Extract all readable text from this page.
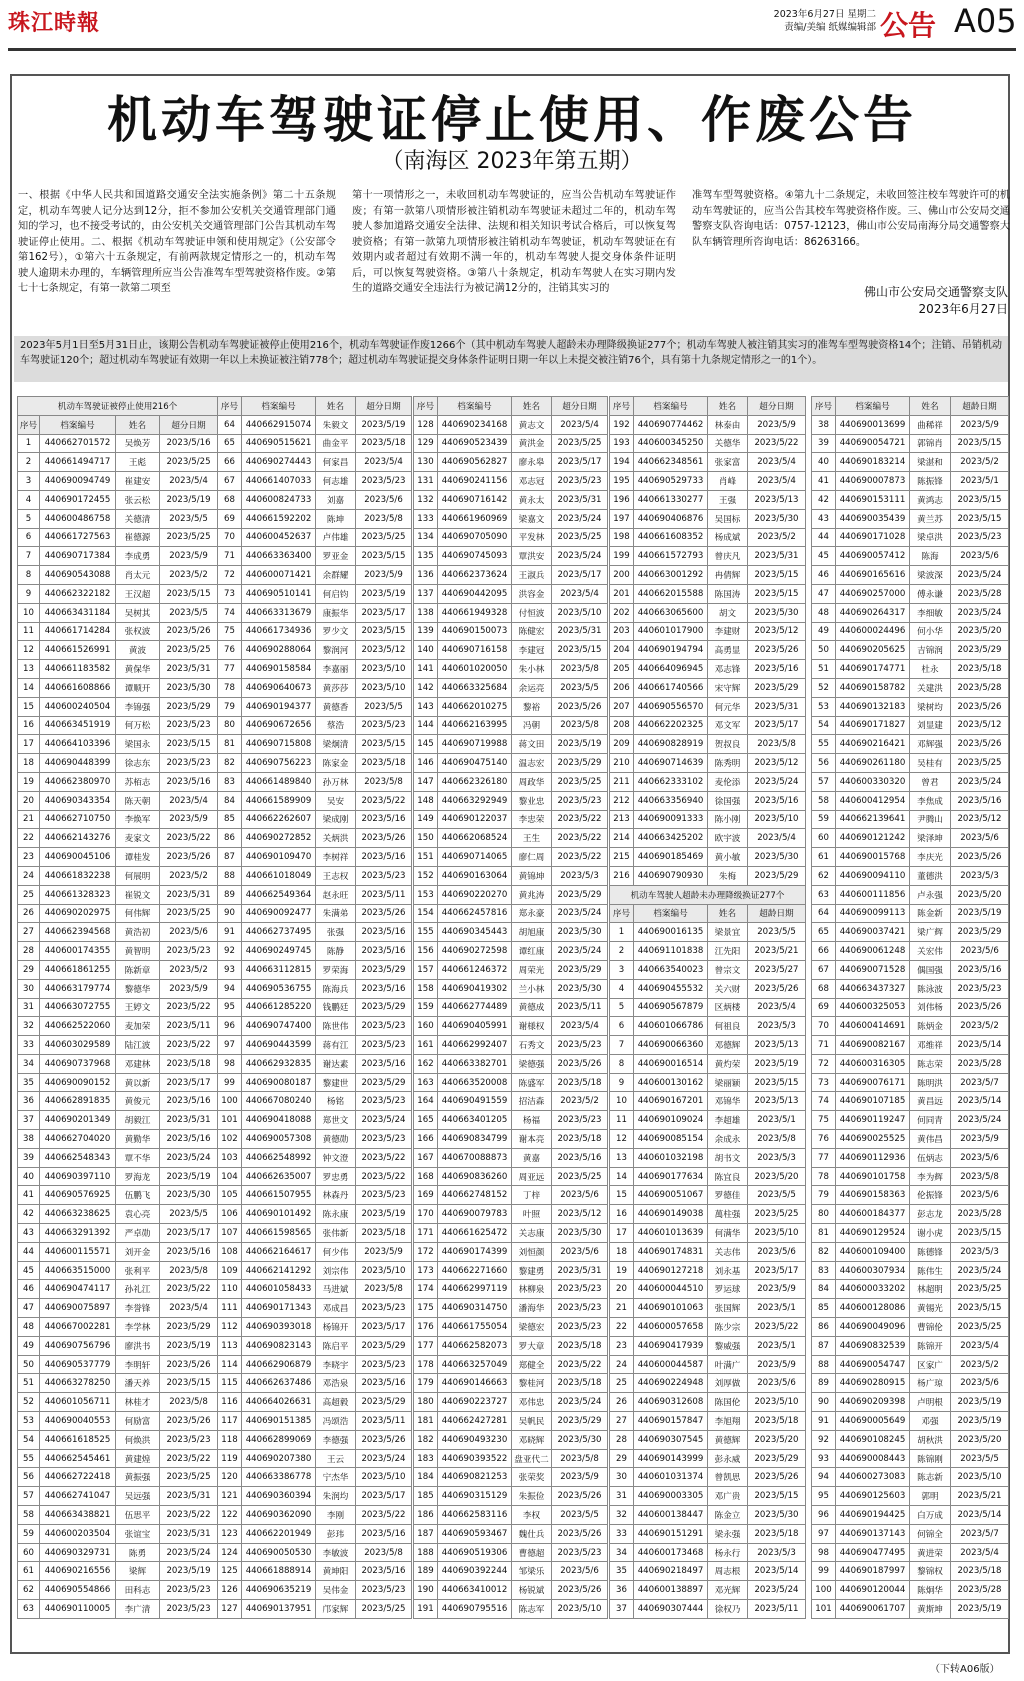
珠江時報	2023年6月27日 星期二
责编/美编 纸媒编辑部 公告 A05
机动车驾驶证停止使用、作废公告
（南海区 2023年第五期）
一、根据《中华人民共和国道路交通安全法实施条例》第二十五条规定，机动车驾驶人记分达到12分，拒不参加公安机关交通管理部门通知的学习，也不接受考试的，由公安机关交通管理部门公告其机动车驾驶证停止使用。二、根据《机动车驾驶证申领和使用规定》（公安部令第162号），①第六十五条规定，有前两款规定情形之一的，机动车驾驶人逾期未办理的，车辆管理所应当公告准驾车型驾驶资格作废。②第七十七条规定，有第一款第二项至
第十一项情形之一，未收回机动车驾驶证的，应当公告机动车驾驶证作废；有第一款第八项情形被注销机动车驾驶证未超过二年的，机动车驾驶人参加道路交通安全法律、法规和相关知识考试合格后，可以恢复驾驶资格；有第一款第九项情形被注销机动车驾驶证，机动车驾驶证在有效期内或者超过有效期不满一年的，机动车驾驶人提交身体条件证明后，可以恢复驾驶资格。③第八十条规定，机动车驾驶人在实习期内发生的道路交通安全违法行为被记满12分的，注销其实习的
准驾车型驾驶资格。④第九十二条规定，未收回签注校车驾驶许可的机动车驾驶证的，应当公告其校车驾驶资格作废。三、佛山市公安局交通警察支队咨询电话：0757-12123，佛山市公安局南海分局交通警察大队车辆管理所咨询电话：86263166。
佛山市公安局交通警察支队
2023年6月27日
2023年5月1日至5月31日止，该期公告机动车驾驶证被停止使用216个，机动车驾驶证作废1266个（其中机动车驾驶人超龄未办理降级换证277个；机动车驾驶人被注销其实习的准驾车型驾驶资格14个；注销、吊销机动车驾驶证120个；超过机动车驾驶证有效期一年以上未换证被注销778个；超过机动车驾驶证提交身体条件证明日期一年以上未提交被注销76个，具有第十九条规定情形之一的1个）。
机动车驾驶证被停止使用216个			
序号	档案编号	姓名	超分日期
1	440662701572	吴焕芳	2023/5/16
2	440661494717	王彪	2023/5/25
3	440690094749	崔建安	2023/5/4
4	440690172455	张云松	2023/5/19
5	440600486758	关德清	2023/5/5
6	440661727563	崔德源	2023/5/25
7	440690717384	李成勇	2023/5/9
8	440690543088	肖太元	2023/5/2
9	440662322182	王汉超	2023/5/15
10	440663431184	吴树其	2023/5/5
11	440661714284	张权波	2023/5/26
12	440661526991	黄波	2023/5/25
13	440661183582	黄保华	2023/5/31
14	440661608866	谭顺开	2023/5/30
15	440600240504	李锦强	2023/5/29
16	440663451919	何万松	2023/5/23
17	440664103396	梁国永	2023/5/15
18	440690448399	徐志东	2023/5/23
19	440662380970	苏栢志	2023/5/16
20	440690343354	陈天朝	2023/5/4
21	440662710750	李焕军	2023/5/9
22	440662143276	麦家文	2023/5/22
23	440690045106	谭桂发	2023/5/26
24	440661832238	何展明	2023/5/2
25	440661328323	崔锐文	2023/5/31
26	440690202975	何伟辉	2023/5/25
27	440662394568	黄浩初	2023/5/6
28	440600174355	黄智明	2023/5/23
29	440661861255	陈新章	2023/5/2
30	440663179774	黎德华	2023/5/9
31	440663072755	王婷文	2023/5/22
32	440662522060	麦加荣	2023/5/11
33	440603029589	陆江波	2023/5/22
34	440690737968	邓建林	2023/5/18
35	440690090152	黄以新	2023/5/17
36	440662891835	黄俊元	2023/5/16
37	440690201349	胡毅江	2023/5/31
38	440662704020	黄勤华	2023/5/16
39	440662548343	覃不华	2023/5/24
40	440690397110	罗海龙	2023/5/19
41	440690576925	伍鹏飞	2023/5/30
42	440663238625	袁心亮	2023/5/5
43	440663291392	严卓勋	2023/5/17
44	440600115571	刘开金	2023/5/16
45	440663515000	张利平	2023/5/8
46	440690474117	孙礼江	2023/5/22
47	440690075897	李誉锋	2023/5/4
48	440667002281	李学林	2023/5/29
49	440690756796	廖洪书	2023/5/19
50	440690537779	李明轩	2023/5/26
51	440663278250	潘天养	2023/5/15
52	440601056711	林桂才	2023/5/8
53	440690040553	何励富	2023/5/26
54	440661618525	何焕洪	2023/5/23
55	440662545461	黄建煌	2023/5/22
56	440662722418	黄振强	2023/5/25
57	440662741047	吴远强	2023/5/31
58	440663438821	伍思平	2023/5/22
59	440600203504	张谊宝	2023/5/31
60	440690329731	陈勇	2023/5/24
61	440690216556	梁辉	2023/5/19
62	440690554866	田科志	2023/5/23
63	440690110005	李广清	2023/5/23
序号	档案编号	姓名	超分日期
64	440662915074	朱毅文	2023/5/19
65	440690515621	曲金平	2023/5/18
66	440690274443	何家昌	2023/5/4
67	440661407033	何志雄	2023/5/23
68	440600824733	刘嘉	2023/5/6
69	440661592202	陈坤	2023/5/8
70	440600452637	卢伟雄	2023/5/25
71	440663363400	罗亚金	2023/5/15
72	440600071421	余群耀	2023/5/9
73	440690510141	何启钧	2023/5/19
74	440663313679	康振华	2023/5/17
75	440661734936	罗少文	2023/5/15
76	440690288064	黎润河	2023/5/12
77	440690158584	李嘉丽	2023/5/10
78	440690640673	黄莎莎	2023/5/10
79	440690194377	黄德香	2023/5/5
80	440690672656	蔡浩	2023/5/23
81	440690715808	梁炯清	2023/5/15
82	440690756223	陈家金	2023/5/18
83	440661489840	孙万林	2023/5/8
84	440661589909	吴安	2023/5/22
85	440662262607	梁成刚	2023/5/16
86	440690272852	关炳洪	2023/5/26
87	440690109470	李树祥	2023/5/16
88	440661018049	王志权	2023/5/23
89	440662549364	赵永旺	2023/5/11
90	440690092477	朱满弟	2023/5/26
91	440662737495	张强	2023/5/16
92	440690249745	陈静	2023/5/16
93	440663112815	罗荣海	2023/5/29
94	440690536755	陈海兵	2023/5/16
95	440661285220	钱鹏廷	2023/5/29
96	440690747400	陈世伟	2023/5/23
97	440690443599	蒋有江	2023/5/23
98	440662932835	谢达素	2023/5/16
99	440690080187	黎建世	2023/5/29
100	440667080240	杨铭	2023/5/23
101	440690418088	郑世文	2023/5/24
102	440690057308	黄德勋	2023/5/23
103	440662548992	钟文澄	2023/5/22
104	440662635007	罗忠勇	2023/5/22
105	440661507955	林森丹	2023/5/23
106	440690101492	陈永康	2023/5/19
107	440661598565	张伟新	2023/5/18
108	440662164617	何少伟	2023/5/9
109	440662141292	刘宗伟	2023/5/10
110	440601058433	马进斌	2023/5/8
111	440690171343	邓成昌	2023/5/23
112	440690393018	杨锦开	2023/5/17
113	440690823143	陈启平	2023/5/29
114	440662906879	李晓宇	2023/5/23
115	440662637486	邓浩泉	2023/5/16
116	440664026631	高超毅	2023/5/29
117	440690151385	冯颂浩	2023/5/11
118	440662899069	李德强	2023/5/26
119	440690207380	王云	2023/5/24
120	440663386778	宁杰华	2023/5/10
121	440690360394	朱润均	2023/5/17
122	440690362090	李刚	2023/5/22
123	440662201949	彭玮	2023/5/16
124	440690050530	李敏波	2023/5/8
125	440661888914	黄坤阳	2023/5/16
126	440690635219	吴伟金	2023/5/23
127	440690137951	邝家辉	2023/5/25
序号	档案编号	姓名	超分日期
128	440690234168	黄志文	2023/5/4
129	440690523439	黄洪金	2023/5/25
130	440690562827	廖永皋	2023/5/17
131	440690241156	邓志冠	2023/5/23
132	440690716142	黄永太	2023/5/31
133	440661960969	梁嘉文	2023/5/24
134	440690705090	平发林	2023/5/25
135	440690745093	覃洪安	2023/5/24
136	440662373624	王淑兵	2023/5/17
137	440690442095	洪容金	2023/5/4
138	440661949328	付恒波	2023/5/10
139	440690150073	陈健宏	2023/5/31
140	440690716158	李建冠	2023/5/15
141	440601020050	朱小林	2023/5/8
142	440663325684	余运亮	2023/5/5
143	440662010275	黎裕	2023/5/26
144	440662163995	冯朝	2023/5/8
145	440690719988	蒋文田	2023/5/19
146	440690475140	温志宏	2023/5/29
147	440662326180	周政华	2023/5/25
148	440663292949	黎业忠	2023/5/23
149	440690122037	李忠荣	2023/5/22
150	440662068524	王生	2023/5/22
151	440690714065	廖仁周	2023/5/22
152	440690163064	黄锦坤	2023/5/3
153	440690220270	黄兆涛	2023/5/29
154	440662457816	郑永豪	2023/5/24
155	440690345443	胡旭康	2023/5/30
156	440690272598	谭红康	2023/5/24
157	440661246372	周荣光	2023/5/29
158	440690419302	兰小林	2023/5/30
159	440662774489	黄德成	2023/5/11
160	440690405991	谢様权	2023/5/4
161	440662992407	石秀文	2023/5/23
162	440663382701	梁德强	2023/5/26
163	440663520008	陈盛军	2023/5/18
164	440690491559	招洁森	2023/5/2
165	440663401205	杨福	2023/5/23
166	440690834799	谢本亮	2023/5/18
167	440670088873	黄嘉	2023/5/16
168	440690836260	周亚远	2023/5/25
169	440662748152	丁梓	2023/5/6
170	440690079783	叶照	2023/5/12
171	440661625472	关志康	2023/5/30
172	440690174399	刘恒颜	2023/5/6
173	440662271660	黎建勇	2023/5/31
174	440662997119	林柳泉	2023/5/23
175	440690314750	潘海华	2023/5/23
176	440661755054	梁德宏	2023/5/23
177	440662582073	罗大章	2023/5/18
178	440663257049	郑健全	2023/5/22
179	440690146663	黎桂河	2023/5/18
180	440690223727	邓伟忠	2023/5/24
181	440662427281	吴帆民	2023/5/29
182	440690493230	邓晓辉	2023/5/30
183	440690393522	盘亚代二	2023/5/8
184	440690821253	张荣奖	2023/5/9
185	440690315129	朱振俭	2023/5/26
186	440662583116	李权	2023/5/5
187	440690593467	魏仕兵	2023/5/26
188	440690519306	曹德超	2023/5/23
189	440690392244	邹梁乐	2023/5/6
190	440663410012	杨锐斌	2023/5/26
191	440690795516	陈志军	2023/5/10
序号	档案编号	姓名	超分日期
192	440690774462	林泰由	2023/5/9
193	440600345250	关德华	2023/5/22
194	440662348561	张家富	2023/5/4
195	440690529733	肖峰	2023/5/4
196	440661330277	王强	2023/5/13
197	440690406876	吴国标	2023/5/30
198	440661608352	杨成斌	2023/5/2
199	440661572793	曾庆凡	2023/5/31
200	440663001292	冉倩辉	2023/5/15
201	440662015588	陈国涛	2023/5/15
202	440663065600	胡文	2023/5/30
203	440601017900	李建财	2023/5/12
204	440690194794	高勇显	2023/5/26
205	440664096945	邓志锋	2023/5/16
206	440661740566	宋守辉	2023/5/29
207	440690556570	何元华	2023/5/31
208	440662202325	邓文军	2023/5/17
209	440690828919	贺叔良	2023/5/8
210	440690714639	陈秀明	2023/5/12
211	440662333102	麦伦添	2023/5/24
212	440663356940	徐国强	2023/5/16
213	440690091333	陈小刚	2023/5/10
214	440663425202	欧宇波	2023/5/4
215	440690185469	黄小敏	2023/5/30
216	440690790930	朱梅	2023/5/29
机动车驾驶人超龄未办理降级换证277个			
序号	档案编号	姓名	超龄日期
1	440690016135	梁景宜	2023/5/5
2	440691101838	江先阳	2023/5/21
3	440663540023	曾宗文	2023/5/27
4	440690455532	关六财	2023/5/26
5	440690567879	区炳楼	2023/5/4
6	440601066786	何祖良	2023/5/3
7	440690066360	邓德辉	2023/5/13
8	440690016514	黄灼荣	2023/5/19
9	440600130162	梁丽颖	2023/5/15
10	440690167201	邓锦华	2023/5/13
11	440690109024	李超雄	2023/5/1
12	440690085154	余成永	2023/5/8
13	440601032198	胡书文	2023/5/3
14	440690177634	陈宜良	2023/5/20
15	440690051067	罗德佳	2023/5/5
16	440690149038	萬柱强	2023/5/25
17	440601013639	何满华	2023/5/10
18	440690174831	关志伟	2023/5/6
19	440690127218	刘永基	2023/5/17
20	440600044510	罗运球	2023/5/9
21	440690101063	张国辉	2023/5/1
22	440600057658	陈少宗	2023/5/22
23	440690417939	黎威强	2023/5/1
24	440600044587	叶满广	2023/5/9
25	440690224948	刘厚做	2023/5/6
26	440690312608	陈国伦	2023/5/10
27	440690157847	李旭翔	2023/5/18
28	440690307545	黄德辉	2023/5/20
29	440690143999	彭永威	2023/5/29
30	440601031374	曾凯思	2023/5/26
31	440690003305	邓广贵	2023/5/15
32	440600138447	陈金立	2023/5/30
33	440690151291	梁永强	2023/5/18
34	440600173468	杨永行	2023/5/3
35	440690218497	周志根	2023/5/14
36	440600138897	邓光辉	2023/5/24
37	440690307444	徐权乃	2023/5/11
序号	档案编号	姓名	超龄日期
38	440690013699	曲稀祥	2023/5/9
39	440690054721	郭锦肖	2023/5/15
40	440690183214	梁湛和	2023/5/2
41	440690007873	陈振锋	2023/5/1
42	440690153111	黄鸿志	2023/5/15
43	440690035439	黄兰苏	2023/5/15
44	440690171028	梁卓洪	2023/5/23
45	440690057412	陈海	2023/5/6
46	440690165616	梁波深	2023/5/24
47	440690257000	傅永谦	2023/5/28
48	440690264317	李细敏	2023/5/24
49	440600024496	何小华	2023/5/20
50	440690205625	吉锦润	2023/5/29
51	440690174771	杜永	2023/5/18
52	440690158782	关建洪	2023/5/28
53	440690132183	梁树均	2023/5/26
54	440690171827	刘显建	2023/5/12
55	440690216421	邓辉强	2023/5/26
56	440690261180	吴桂有	2023/5/25
57	440600330320	曾君	2023/5/24
58	440600412954	李焦成	2023/5/16
59	440662139641	尹腾山	2023/5/12
60	440690121242	梁泽坤	2023/5/6
61	440690015768	李庆光	2023/5/26
62	440690094110	董德洪	2023/5/3
63	440600111856	卢永强	2023/5/20
64	440690099113	陈金新	2023/5/19
65	440690037421	梁广辉	2023/5/29
66	440690061248	关宏伟	2023/5/6
67	440690071528	偶国强	2023/5/16
68	440663437327	陈泳波	2023/5/23
69	440600325053	刘伟杨	2023/5/26
70	440600414691	陈炳金	2023/5/2
71	440690082167	邓维祥	2023/5/14
72	440600316305	陈志荣	2023/5/28
73	440690076171	陈明洪	2023/5/7
74	440690107185	黄昌远	2023/5/14
75	440690119247	何同青	2023/5/24
76	440690025525	黄伟昌	2023/5/9
77	440690112936	伍炳志	2023/5/6
78	440690101758	李为辉	2023/5/8
79	440690158363	伦振锋	2023/5/6
80	440600184377	彭志龙	2023/5/28
81	440690129524	谢小虎	2023/5/15
82	440600109400	陈德锋	2023/5/3
83	440600307934	陈伟生	2023/5/24
84	440600033202	林超明	2023/5/25
85	440600128086	黄锡光	2023/5/15
86	440690049096	曹锦伦	2023/5/25
87	440690832539	陈锦开	2023/5/4
88	440690054747	区家广	2023/5/2
89	440690280915	杨广琼	2023/5/6
90	440690209398	卢明根	2023/5/19
91	440690005649	邓强	2023/5/19
92	440690108245	胡秋洪	2023/5/20
93	440690008443	陈锦刚	2023/5/5
94	440600273083	陈志新	2023/5/10
95	440690125603	郭明	2023/5/21
96	440690194425	白万成	2023/5/14
97	440690137143	何锦全	2023/5/7
98	440690477495	黄进荣	2023/5/4
99	440690187997	黎锦权	2023/5/18
100	440690120044	陈炯华	2023/5/28
101	440690061707	黄斯坤	2023/5/19
（下转A06版）
